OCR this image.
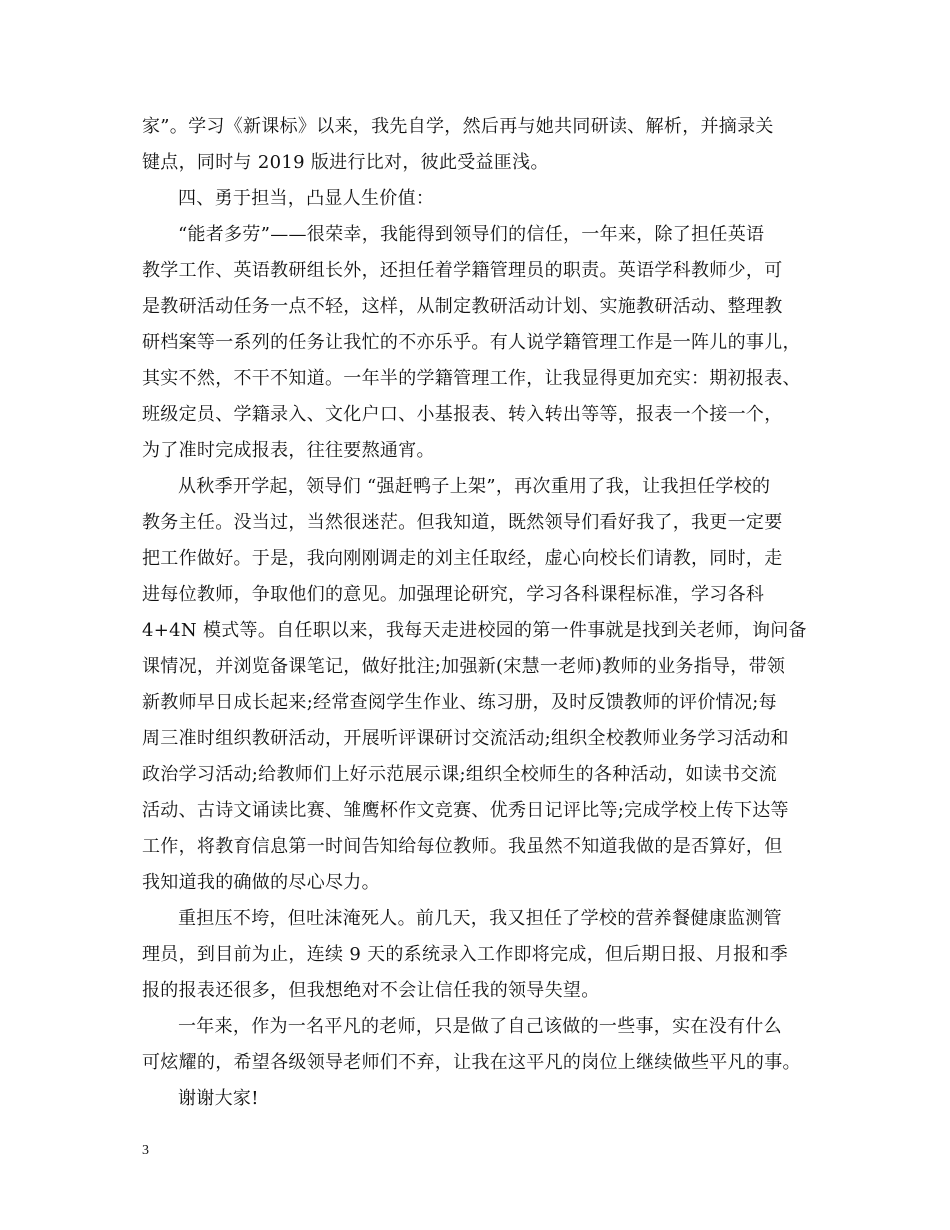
家”。学习《新课标》以来，我先自学，然后再与她共同研读、解析，并摘录关
键点，同时与 2019 版进行比对，彼此受益匪浅。
四、勇于担当，凸显人生价值：
“能者多劳”——很荣幸，我能得到领导们的信任，一年来，除了担任英语
教学工作、英语教研组长外，还担任着学籍管理员的职责。英语学科教师少，可
是教研活动任务一点不轻，这样，从制定教研活动计划、实施教研活动、整理教
研档案等一系列的任务让我忙的不亦乐乎。有人说学籍管理工作是一阵儿的事儿，
其实不然，不干不知道。一年半的学籍管理工作，让我显得更加充实：期初报表、
班级定员、学籍录入、文化户口、小基报表、转入转出等等，报表一个接一个，
为了准时完成报表，往往要熬通宵。
从秋季开学起，领导们 “强赶鸭子上架”，再次重用了我，让我担任学校的
教务主任。没当过，当然很迷茫。但我知道，既然领导们看好我了，我更一定要
把工作做好。于是，我向刚刚调走的刘主任取经，虚心向校长们请教，同时，走
进每位教师，争取他们的意见。加强理论研究，学习各科课程标准，学习各科
4+4N 模式等。自任职以来，我每天走进校园的第一件事就是找到关老师，询问备
课情况，并浏览备课笔记，做好批注;加强新(宋慧一老师)教师的业务指导，带领
新教师早日成长起来;经常查阅学生作业、练习册，及时反馈教师的评价情况;每
周三准时组织教研活动，开展听评课研讨交流活动;组织全校教师业务学习活动和
政治学习活动;给教师们上好示范展示课;组织全校师生的各种活动，如读书交流
活动、古诗文诵读比赛、雏鹰杯作文竞赛、优秀日记评比等;完成学校上传下达等
工作，将教育信息第一时间告知给每位教师。我虽然不知道我做的是否算好，但
我知道我的确做的尽心尽力。
重担压不垮，但吐沫淹死人。前几天，我又担任了学校的营养餐健康监测管
理员，到目前为止，连续 9 天的系统录入工作即将完成，但后期日报、月报和季
报的报表还很多，但我想绝对不会让信任我的领导失望。
一年来，作为一名平凡的老师，只是做了自己该做的一些事，实在没有什么
可炫耀的，希望各级领导老师们不弃，让我在这平凡的岗位上继续做些平凡的事。
谢谢大家!
3
